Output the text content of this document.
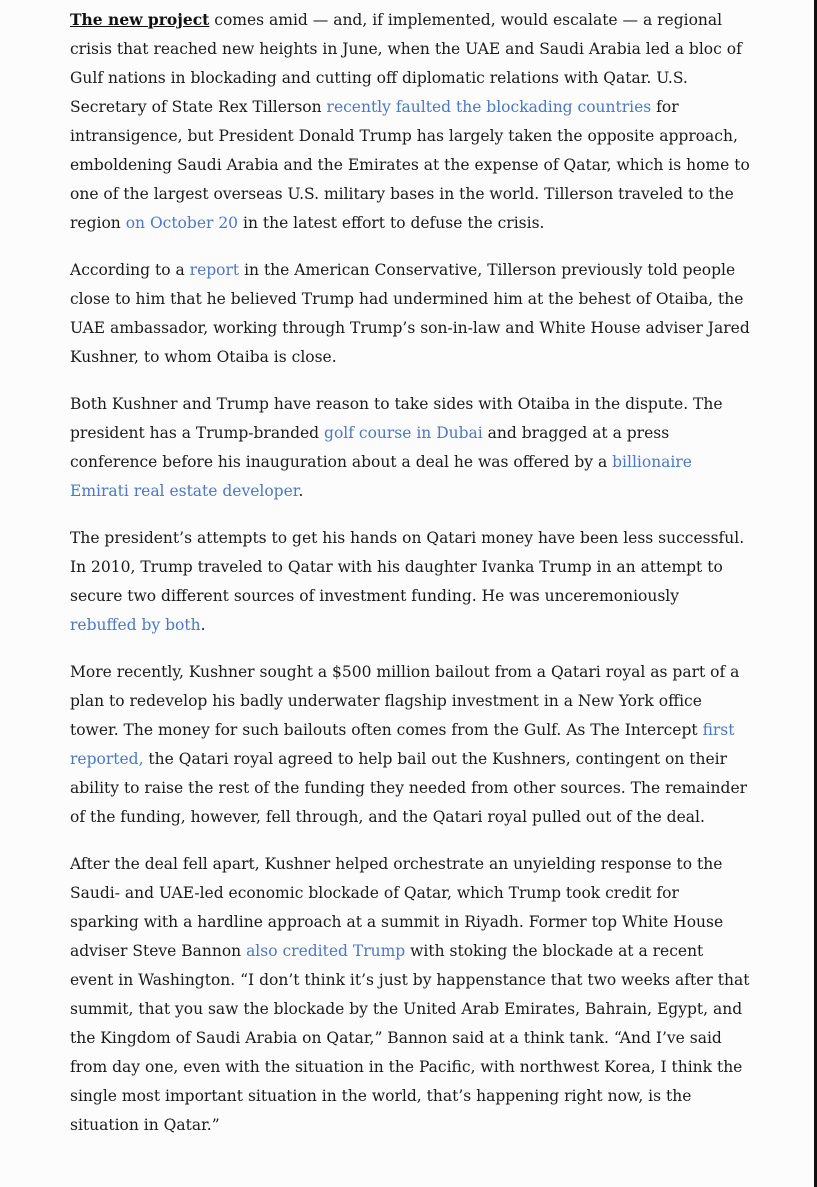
The new project comes amid — and, if implemented, would escalate — a regional crisis that reached new heights in June, when the UAE and Saudi Arabia led a bloc of Gulf nations in blockading and cutting off diplomatic relations with Qatar. U.S. Secretary of State Rex Tillerson recently faulted the blockading countries for intransigence, but President Donald Trump has largely taken the opposite approach, emboldening Saudi Arabia and the Emirates at the expense of Qatar, which is home to one of the largest overseas U.S. military bases in the world. Tillerson traveled to the region on October 20 in the latest effort to defuse the crisis.

According to a report in the American Conservative, Tillerson previously told people close to him that he believed Trump had undermined him at the behest of Otaiba, the UAE ambassador, working through Trump’s son-in-law and White House adviser Jared Kushner, to whom Otaiba is close.

Both Kushner and Trump have reason to take sides with Otaiba in the dispute. The president has a Trump-branded golf course in Dubai and bragged at a press conference before his inauguration about a deal he was offered by a billionaire Emirati real estate developer.

The president’s attempts to get his hands on Qatari money have been less successful. In 2010, Trump traveled to Qatar with his daughter Ivanka Trump in an attempt to secure two different sources of investment funding. He was unceremoniously rebuffed by both.

More recently, Kushner sought a $500 million bailout from a Qatari royal as part of a plan to redevelop his badly underwater flagship investment in a New York office tower. The money for such bailouts often comes from the Gulf. As The Intercept first reported, the Qatari royal agreed to help bail out the Kushners, contingent on their ability to raise the rest of the funding they needed from other sources. The remainder of the funding, however, fell through, and the Qatari royal pulled out of the deal.

After the deal fell apart, Kushner helped orchestrate an unyielding response to the Saudi- and UAE-led economic blockade of Qatar, which Trump took credit for sparking with a hardline approach at a summit in Riyadh. Former top White House adviser Steve Bannon also credited Trump with stoking the blockade at a recent event in Washington. “I don’t think it’s just by happenstance that two weeks after that summit, that you saw the blockade by the United Arab Emirates, Bahrain, Egypt, and the Kingdom of Saudi Arabia on Qatar,” Bannon said at a think tank. “And I’ve said from day one, even with the situation in the Pacific, with northwest Korea, I think the single most important situation in the world, that’s happening right now, is the situation in Qatar.”
